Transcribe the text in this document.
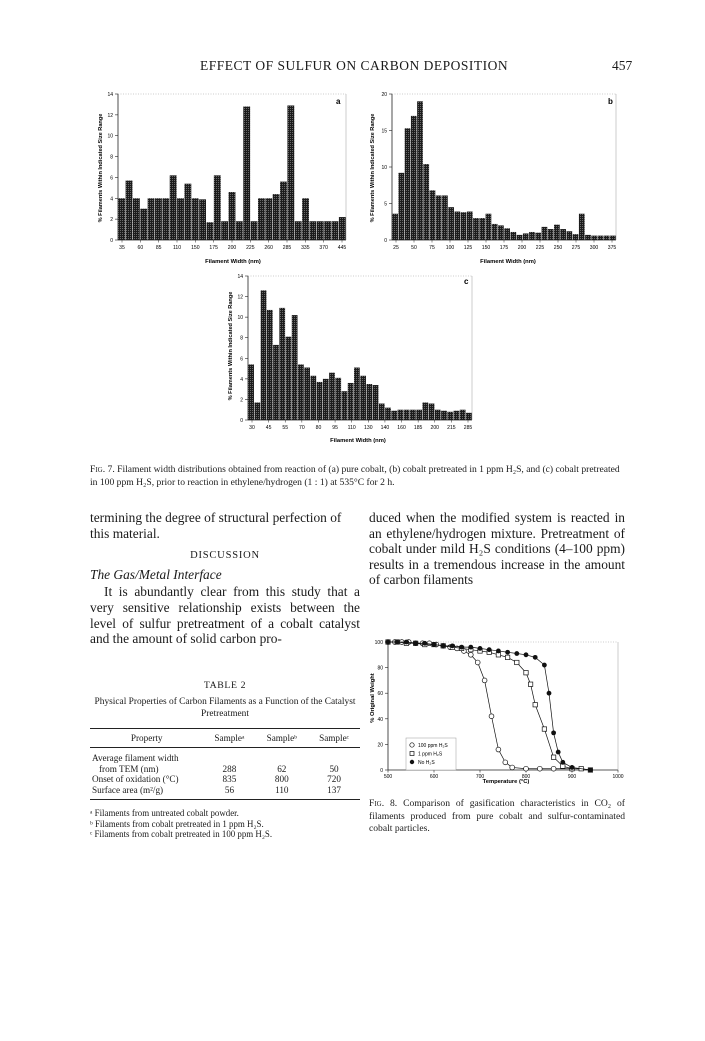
EFFECT OF SULFUR ON CARBON DEPOSITION	457
0
2
4
6
8
10
12
14
35 60 85 110 150 175 200 225 260 285 335 370 445
a
% Filaments Within Indicated Size Range
Filament Width (nm)
0
5
10
15
20
25 50 75 100 125 150 175 200 225 250 275 300 375
b
% Filaments Within Indicated Size Range
Filament Width (nm)
0
2
4
6
8
10
12
14
30 45 55 70 80 95 110 130 140 160 185 200 215 285
c
% Filaments Within Indicated Size Range
Filament Width (nm)
Fig. 7. Filament width distributions obtained from reaction of (a) pure cobalt, (b) cobalt pretreated in 1 ppm H₂S, and (c) cobalt pretreated in 100 ppm H₂S, prior to reaction in ethylene/hydrogen (1 : 1) at 535°C for 2 h.

termining the degree of structural perfection of this material.

DISCUSSION
The Gas/Metal Interface

It is abundantly clear from this study that a very sensitive relationship exists between the level of sulfur pretreatment of a cobalt catalyst and the amount of solid carbon pro-

duced when the modified system is reacted in an ethylene/hydrogen mixture. Pretreatment of cobalt under mild H₂S conditions (4–100 ppm) results in a tremendous increase in the amount of carbon filaments

TABLE 2
Physical Properties of Carbon Filaments as a Function of the Catalyst Pretreatment
Property	Sampleᵃ	Sampleᵇ	Sampleᶜ
Average filament width			
from TEM (nm)	288	62	50
Onset of oxidation (°C)	835	800	720
Surface area (m²/g)	56	110	137
ᵃ Filaments from untreated cobalt powder.
ᵇ Filaments from cobalt pretreated in 1 ppm H₂S.
ᶜ Filaments from cobalt pretreated in 100 ppm H₂S.
0
20
40
60
80
100
500	600	700	800	900	1000
% Original Weight
Temperature (°C)
100 ppm H₂S
1 ppm H₂S
No H₂S
Fig. 8. Comparison of gasification characteristics in CO₂ of filaments produced from pure cobalt and sulfur-contaminated cobalt particles.
